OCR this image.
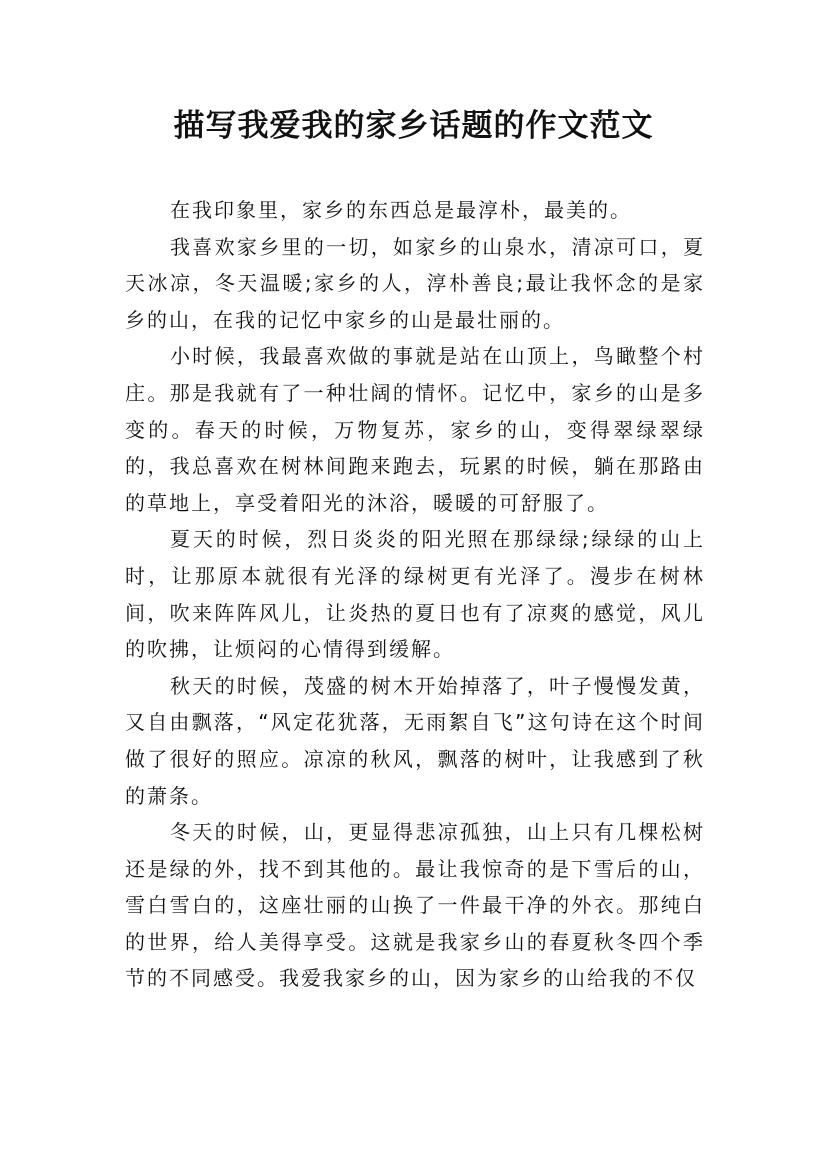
描写我爱我的家乡话题的作文范文

在我印象里，家乡的东西总是最淳朴，最美的。

我喜欢家乡里的一切，如家乡的山泉水，清凉可口，夏天冰凉，冬天温暖;家乡的人，淳朴善良;最让我怀念的是家乡的山，在我的记忆中家乡的山是最壮丽的。

小时候，我最喜欢做的事就是站在山顶上，鸟瞰整个村庄。那是我就有了一种壮阔的情怀。记忆中，家乡的山是多变的。春天的时候，万物复苏，家乡的山，变得翠绿翠绿的，我总喜欢在树林间跑来跑去，玩累的时候，躺在那路由的草地上，享受着阳光的沐浴，暖暖的可舒服了。

夏天的时候，烈日炎炎的阳光照在那绿绿;绿绿的山上时，让那原本就很有光泽的绿树更有光泽了。漫步在树林间，吹来阵阵风儿，让炎热的夏日也有了凉爽的感觉，风儿的吹拂，让烦闷的心情得到缓解。

秋天的时候，茂盛的树木开始掉落了，叶子慢慢发黄，又自由飘落，“风定花犹落，无雨絮自飞”这句诗在这个时间做了很好的照应。凉凉的秋风，飘落的树叶，让我感到了秋的萧条。

冬天的时候，山，更显得悲凉孤独，山上只有几棵松树还是绿的外，找不到其他的。最让我惊奇的是下雪后的山，雪白雪白的，这座壮丽的山换了一件最干净的外衣。那纯白的世界，给人美得享受。这就是我家乡山的春夏秋冬四个季节的不同感受。我爱我家乡的山，因为家乡的山给我的不仅
